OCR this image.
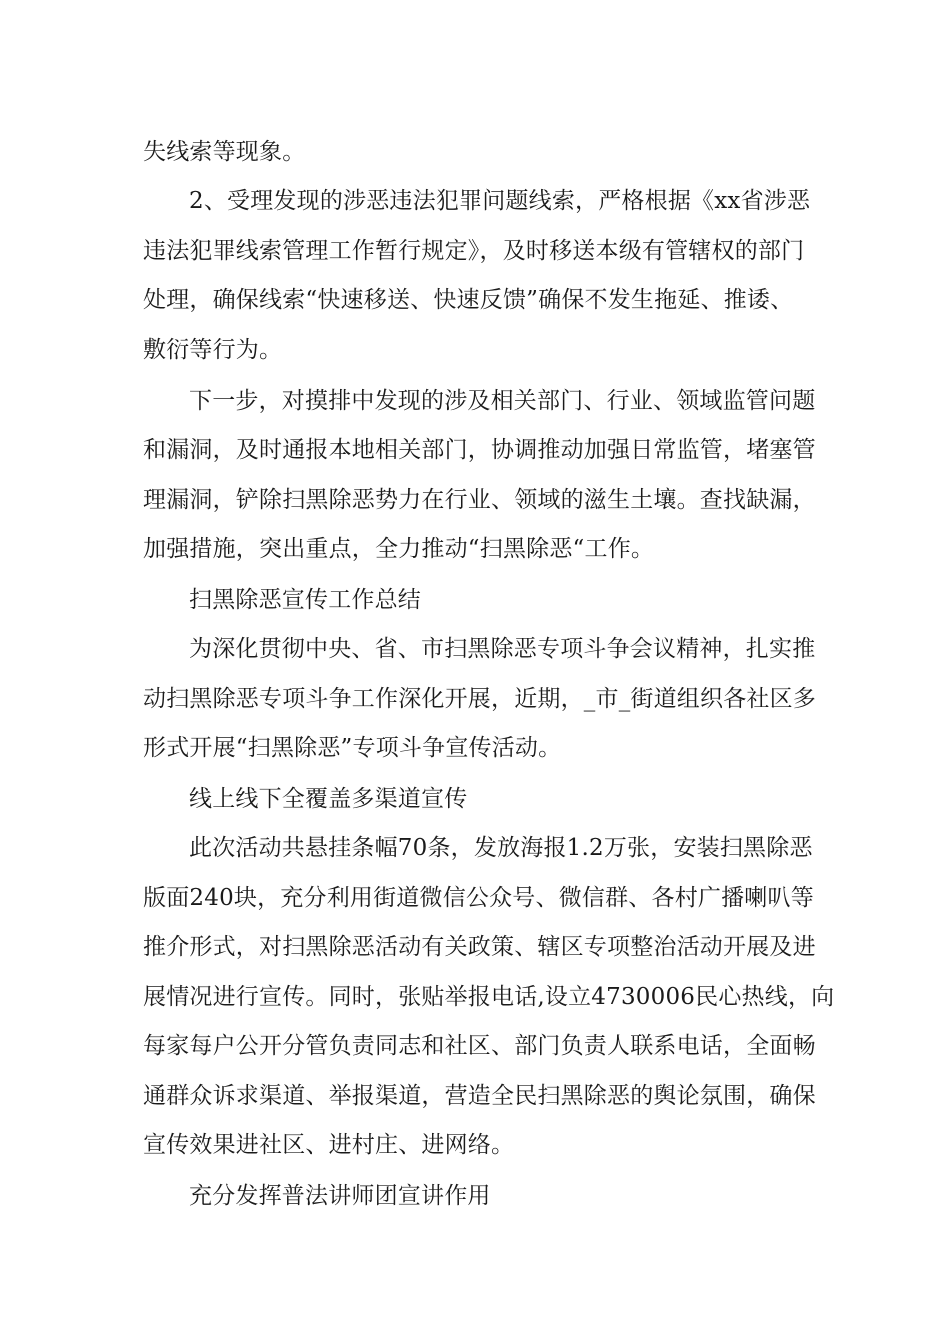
失线索等现象。
2、受理发现的涉恶违法犯罪问题线索，严格根据《xx省涉恶
违法犯罪线索管理工作暂行规定》，及时移送本级有管辖权的部门
处理，确保线索“快速移送、快速反馈”确保不发生拖延、推诿、
敷衍等行为。
下一步，对摸排中发现的涉及相关部门、行业、领域监管问题
和漏洞，及时通报本地相关部门，协调推动加强日常监管，堵塞管
理漏洞，铲除扫黑除恶势力在行业、领域的滋生土壤。查找缺漏，
加强措施，突出重点，全力推动“扫黑除恶“工作。
扫黑除恶宣传工作总结
为深化贯彻中央、省、市扫黑除恶专项斗争会议精神，扎实推
动扫黑除恶专项斗争工作深化开展，近期，_市_街道组织各社区多
形式开展“扫黑除恶”专项斗争宣传活动。
线上线下全覆盖多渠道宣传
此次活动共悬挂条幅70条，发放海报1.2万张，安装扫黑除恶
版面240块，充分利用街道微信公众号、微信群、各村广播喇叭等
推介形式，对扫黑除恶活动有关政策、辖区专项整治活动开展及进
展情况进行宣传。同时，张贴举报电话,设立4730006民心热线，向
每家每户公开分管负责同志和社区、部门负责人联系电话，全面畅
通群众诉求渠道、举报渠道，营造全民扫黑除恶的舆论氛围，确保
宣传效果进社区、进村庄、进网络。
充分发挥普法讲师团宣讲作用
